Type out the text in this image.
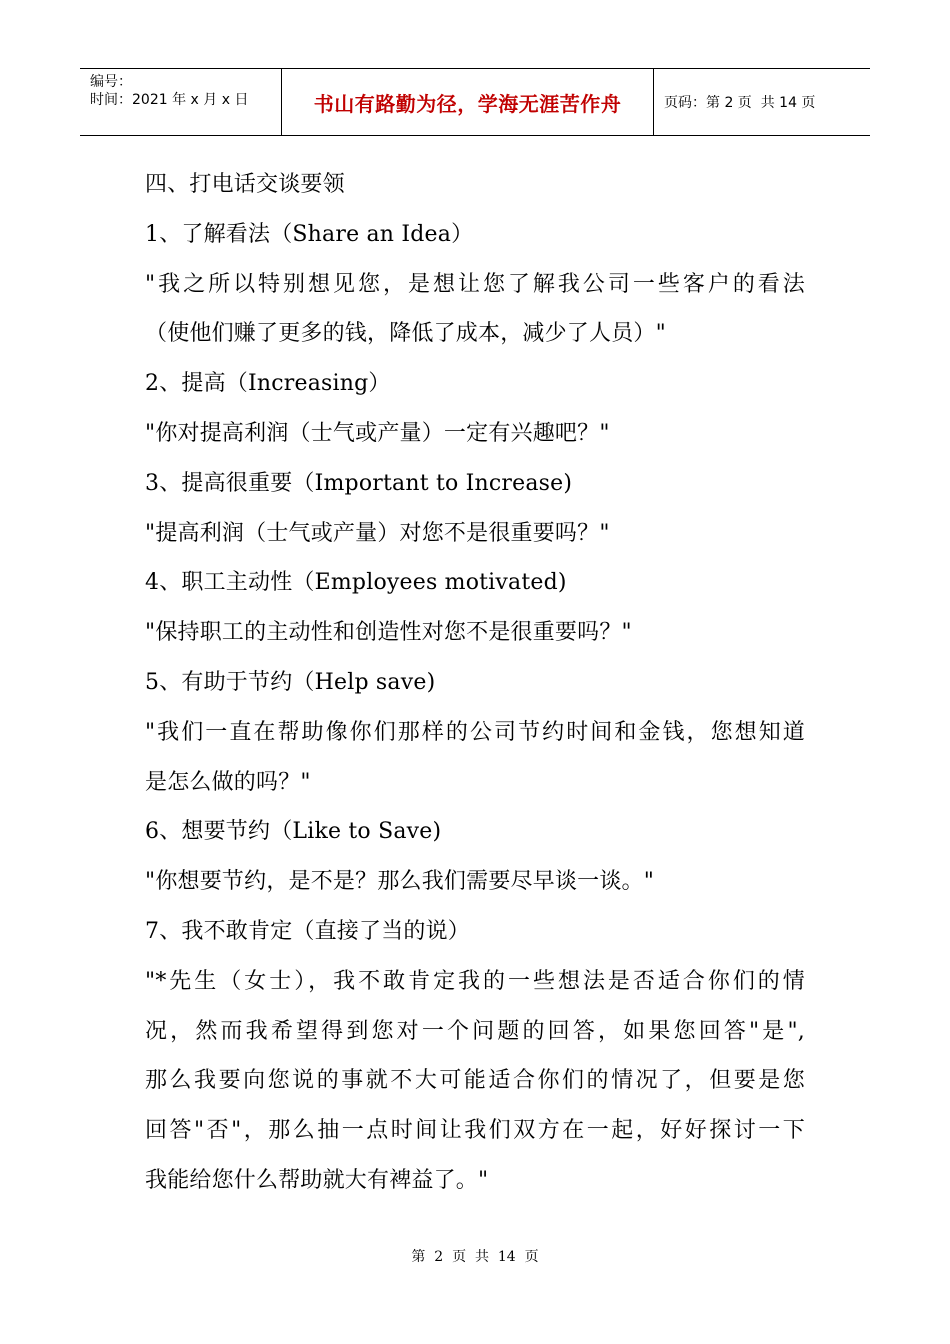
编号：
时间：2021 年 x 月 x 日	书山有路勤为径，学海无涯苦作舟	页码：第 2 页  共 14 页
四、打电话交谈要领
1、了解看法（Share an Idea）
"我之所以特别想见您，是想让您了解我公司一些客户的看法
（使他们赚了更多的钱，降低了成本，减少了人员）"
2、提高（Increasing）
"你对提高利润（士气或产量）一定有兴趣吧？"
3、提高很重要（Important to Increase)
"提高利润（士气或产量）对您不是很重要吗？"
4、职工主动性（Employees motivated)
"保持职工的主动性和创造性对您不是很重要吗？"
5、有助于节约（Help save)
"我们一直在帮助像你们那样的公司节约时间和金钱，您想知道
是怎么做的吗？"
6、想要节约（Like to Save)
"你想要节约，是不是？那么我们需要尽早谈一谈。"
7、我不敢肯定（直接了当的说）
"*先生（女士），我不敢肯定我的一些想法是否适合你们的情
况，然而我希望得到您对一个问题的回答，如果您回答"是",
那么我要向您说的事就不大可能适合你们的情况了，但要是您
回答"否"，那么抽一点时间让我们双方在一起，好好探讨一下
我能给您什么帮助就大有裨益了。"
第  2  页  共  14  页
